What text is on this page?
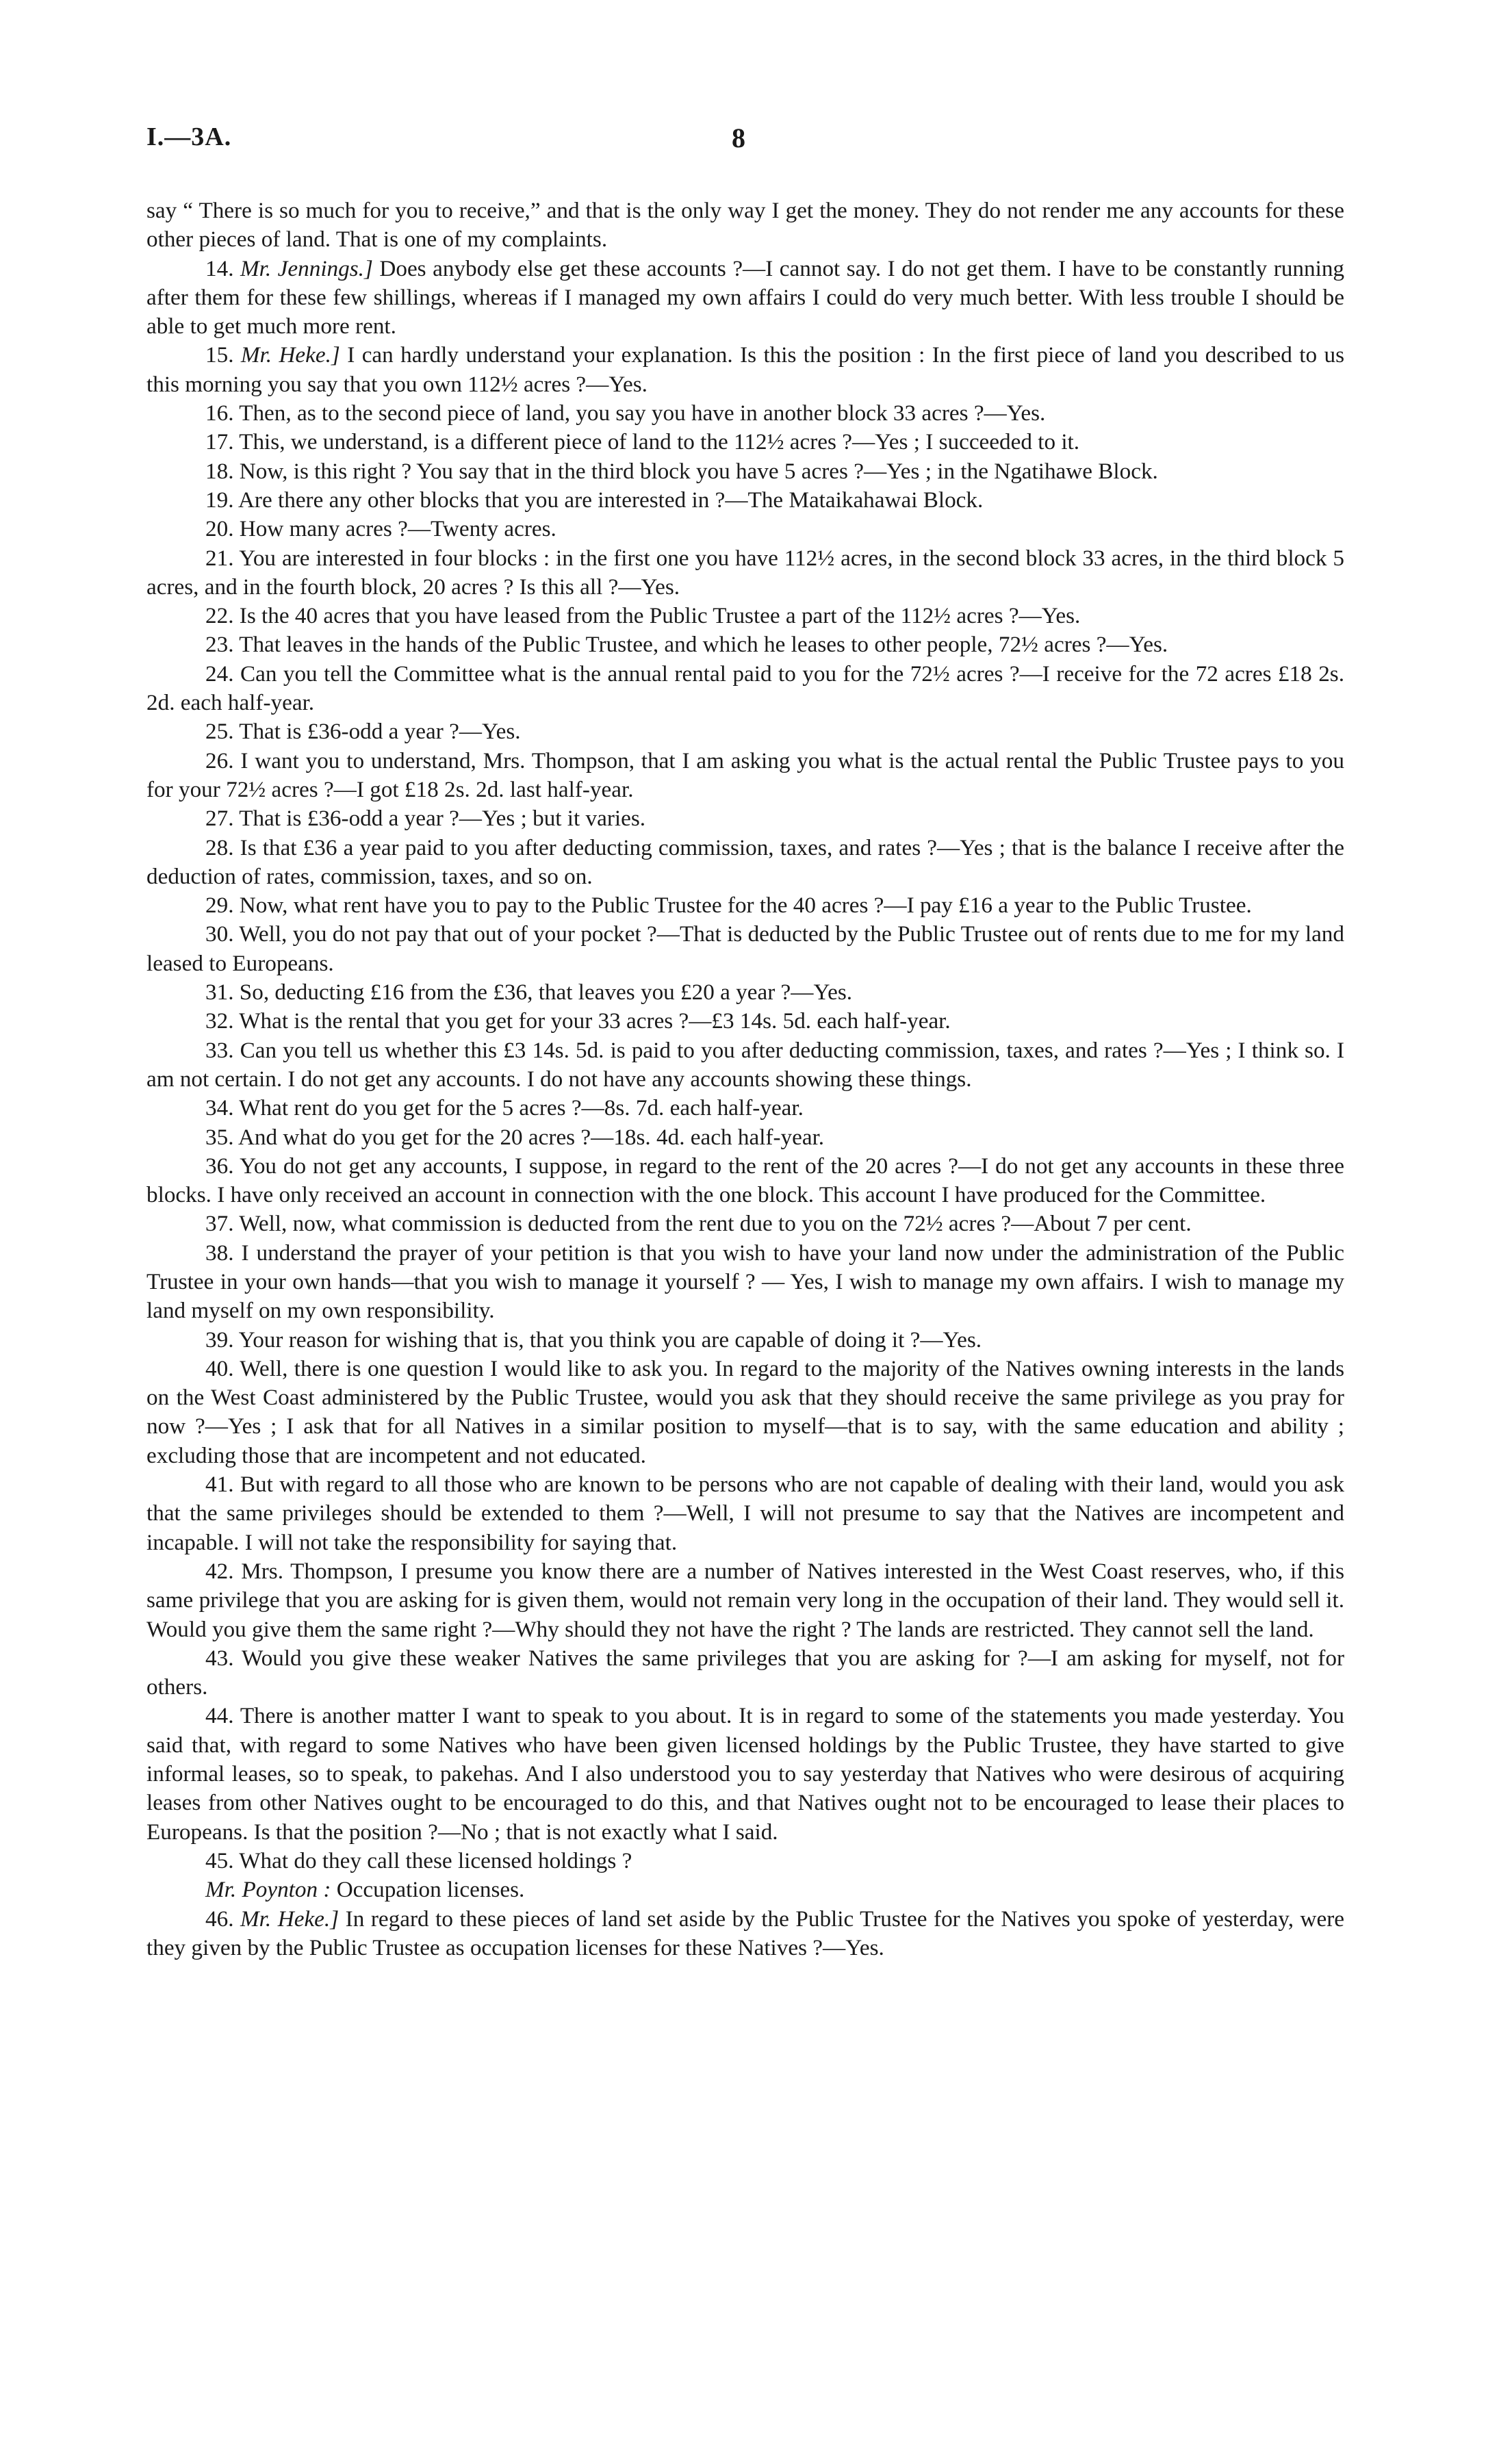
I.—3A.	8

say “ There is so much for you to receive,” and that is the only way I get the money. They do not render me any accounts for these other pieces of land. That is one of my complaints.

14. Mr. Jennings.] Does anybody else get these accounts ?—I cannot say. I do not get them. I have to be constantly running after them for these few shillings, whereas if I managed my own affairs I could do very much better. With less trouble I should be able to get much more rent.

15. Mr. Heke.] I can hardly understand your explanation. Is this the position : In the first piece of land you described to us this morning you say that you own 112½ acres ?—Yes.

16. Then, as to the second piece of land, you say you have in another block 33 acres ?—Yes.

17. This, we understand, is a different piece of land to the 112½ acres ?—Yes ; I succeeded to it.

18. Now, is this right ? You say that in the third block you have 5 acres ?—Yes ; in the Ngatihawe Block.

19. Are there any other blocks that you are interested in ?—The Mataikahawai Block.

20. How many acres ?—Twenty acres.

21. You are interested in four blocks : in the first one you have 112½ acres, in the second block 33 acres, in the third block 5 acres, and in the fourth block, 20 acres ? Is this all ?—Yes.

22. Is the 40 acres that you have leased from the Public Trustee a part of the 112½ acres ?—Yes.

23. That leaves in the hands of the Public Trustee, and which he leases to other people, 72½ acres ?—Yes.

24. Can you tell the Committee what is the annual rental paid to you for the 72½ acres ?—I receive for the 72 acres £18 2s. 2d. each half-year.

25. That is £36-odd a year ?—Yes.

26. I want you to understand, Mrs. Thompson, that I am asking you what is the actual rental the Public Trustee pays to you for your 72½ acres ?—I got £18 2s. 2d. last half-year.

27. That is £36-odd a year ?—Yes ; but it varies.

28. Is that £36 a year paid to you after deducting commission, taxes, and rates ?—Yes ; that is the balance I receive after the deduction of rates, commission, taxes, and so on.

29. Now, what rent have you to pay to the Public Trustee for the 40 acres ?—I pay £16 a year to the Public Trustee.

30. Well, you do not pay that out of your pocket ?—That is deducted by the Public Trustee out of rents due to me for my land leased to Europeans.

31. So, deducting £16 from the £36, that leaves you £20 a year ?—Yes.

32. What is the rental that you get for your 33 acres ?—£3 14s. 5d. each half-year.

33. Can you tell us whether this £3 14s. 5d. is paid to you after deducting commission, taxes, and rates ?—Yes ; I think so. I am not certain. I do not get any accounts. I do not have any accounts showing these things.

34. What rent do you get for the 5 acres ?—8s. 7d. each half-year.

35. And what do you get for the 20 acres ?—18s. 4d. each half-year.

36. You do not get any accounts, I suppose, in regard to the rent of the 20 acres ?—I do not get any accounts in these three blocks. I have only received an account in connection with the one block. This account I have produced for the Committee.

37. Well, now, what commission is deducted from the rent due to you on the 72½ acres ?—About 7 per cent.

38. I understand the prayer of your petition is that you wish to have your land now under the administration of the Public Trustee in your own hands—that you wish to manage it yourself ? — Yes, I wish to manage my own affairs. I wish to manage my land myself on my own responsibility.

39. Your reason for wishing that is, that you think you are capable of doing it ?—Yes.

40. Well, there is one question I would like to ask you. In regard to the majority of the Natives owning interests in the lands on the West Coast administered by the Public Trustee, would you ask that they should receive the same privilege as you pray for now ?—Yes ; I ask that for all Natives in a similar position to myself—that is to say, with the same education and ability ; excluding those that are incompetent and not educated.

41. But with regard to all those who are known to be persons who are not capable of dealing with their land, would you ask that the same privileges should be extended to them ?—Well, I will not presume to say that the Natives are incompetent and incapable. I will not take the responsibility for saying that.

42. Mrs. Thompson, I presume you know there are a number of Natives interested in the West Coast reserves, who, if this same privilege that you are asking for is given them, would not remain very long in the occupation of their land. They would sell it. Would you give them the same right ?—Why should they not have the right ? The lands are restricted. They cannot sell the land.

43. Would you give these weaker Natives the same privileges that you are asking for ?—I am asking for myself, not for others.

44. There is another matter I want to speak to you about. It is in regard to some of the statements you made yesterday. You said that, with regard to some Natives who have been given licensed holdings by the Public Trustee, they have started to give informal leases, so to speak, to pakehas. And I also understood you to say yesterday that Natives who were desirous of acquiring leases from other Natives ought to be encouraged to do this, and that Natives ought not to be encouraged to lease their places to Europeans. Is that the position ?—No ; that is not exactly what I said.

45. What do they call these licensed holdings ?

Mr. Poynton : Occupation licenses.

46. Mr. Heke.] In regard to these pieces of land set aside by the Public Trustee for the Natives you spoke of yesterday, were they given by the Public Trustee as occupation licenses for these Natives ?—Yes.
